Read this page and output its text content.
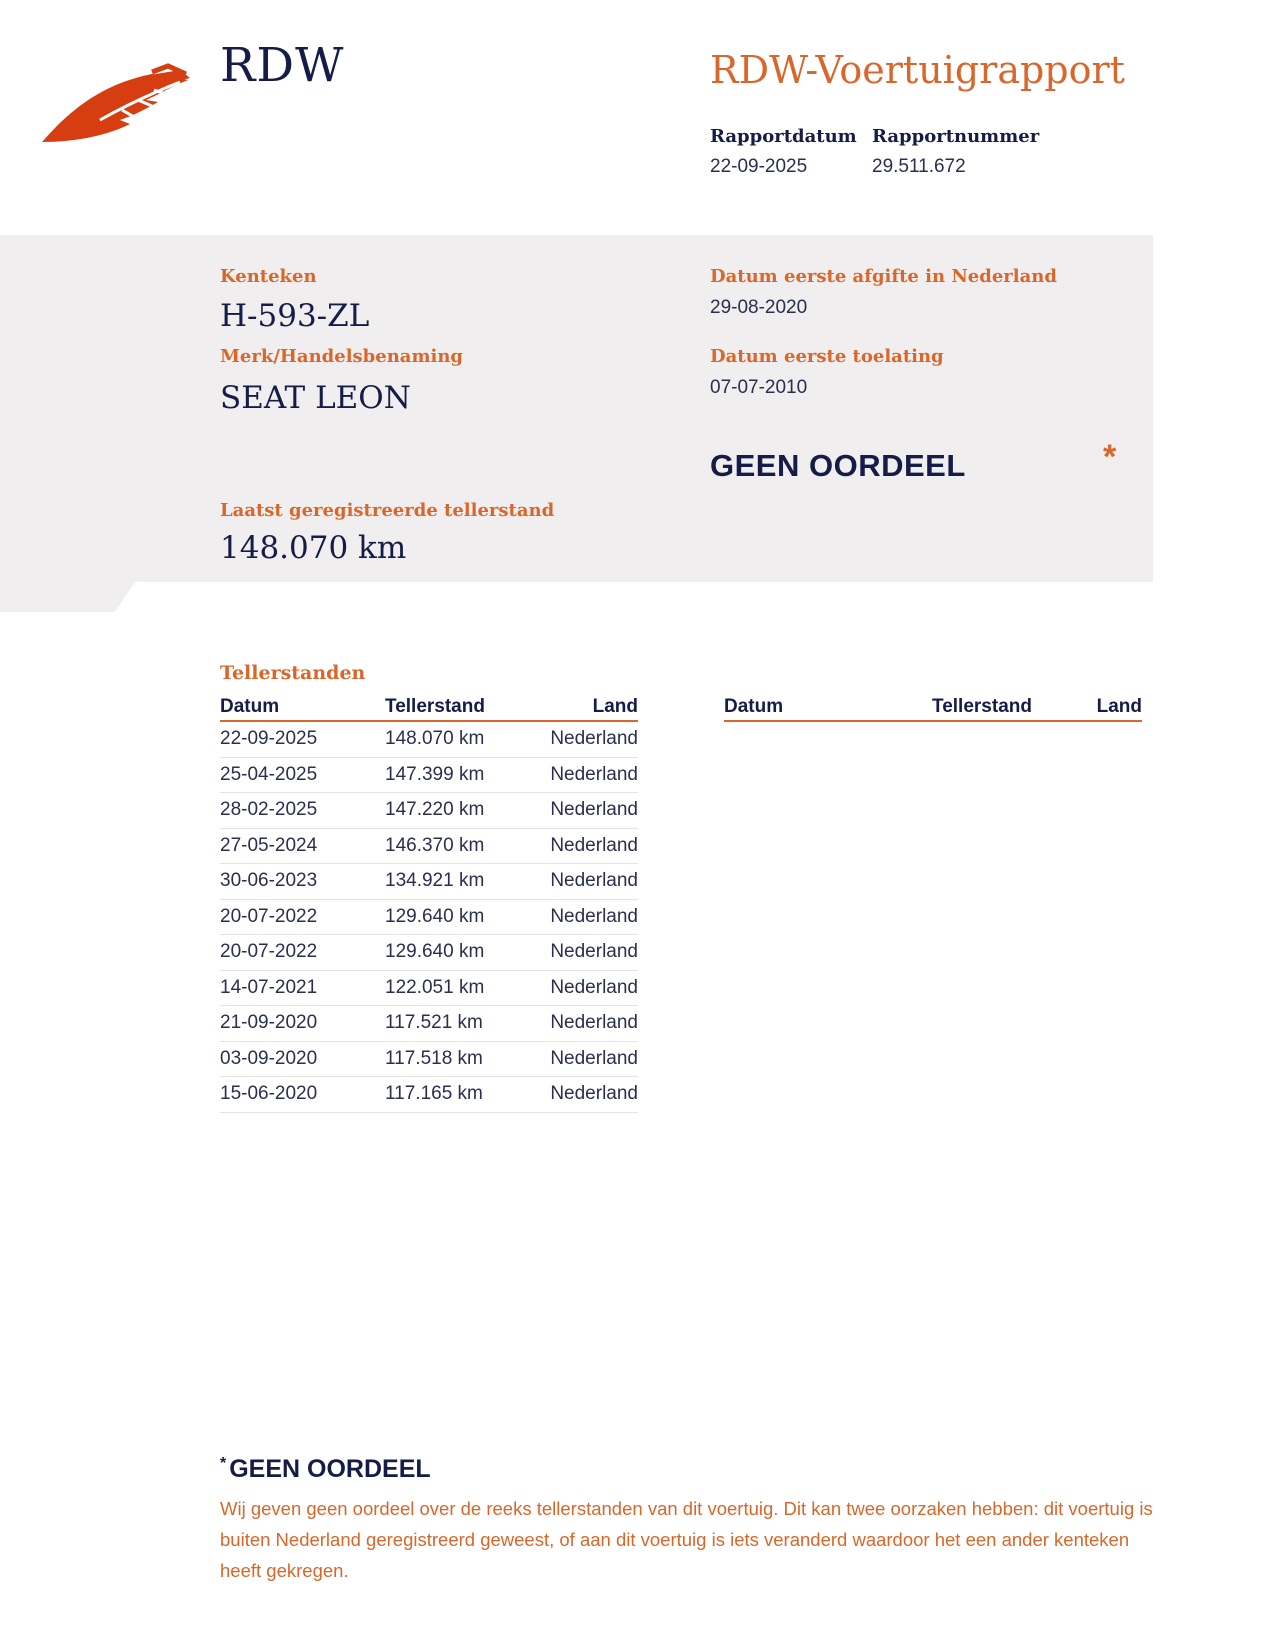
RDW	RDW-Voertuigrapport
Rapportdatum
22-09-2025
Rapportnummer
29.511.672
Kenteken
H-593-ZL
Merk/Handelsbenaming
SEAT LEON
Datum eerste afgifte in Nederland
29-08-2020
Datum eerste toelating
07-07-2010
GEEN OORDEEL	*
Laatst geregistreerde tellerstand
148.070 km
Tellerstanden
Datum	Tellerstand	Land
22-09-2025	148.070 km	Nederland
25-04-2025	147.399 km	Nederland
28-02-2025	147.220 km	Nederland
27-05-2024	146.370 km	Nederland
30-06-2023	134.921 km	Nederland
20-07-2022	129.640 km	Nederland
20-07-2022	129.640 km	Nederland
14-07-2021	122.051 km	Nederland
21-09-2020	117.521 km	Nederland
03-09-2020	117.518 km	Nederland
15-06-2020	117.165 km	Nederland
Datum	Tellerstand	Land
* GEEN OORDEEL
Wij geven geen oordeel over de reeks tellerstanden van dit voertuig. Dit kan twee oorzaken hebben: dit voertuig is buiten Nederland geregistreerd geweest, of aan dit voertuig is iets veranderd waardoor het een ander kenteken heeft gekregen.
